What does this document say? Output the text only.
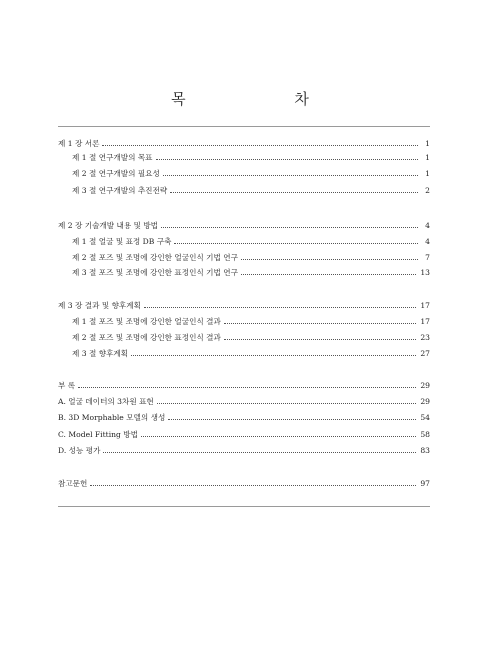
목 차
제 1 장 서론	1
제 1 절 연구개발의 목표	1
제 2 절 연구개발의 필요성	1
제 3 절 연구개발의 추진전략	2
제 2 장 기술개발 내용 및 방법	4
제 1 절 얼굴 및 표정 DB 구축	4
제 2 절 포즈 및 조명에 강인한 얼굴인식 기법 연구	7
제 3 절 포즈 및 조명에 강인한 표정인식 기법 연구	13
제 3 장 결과 및 향후계획	17
제 1 절 포즈 및 조명에 강인한 얼굴인식 결과	17
제 2 절 포즈 및 조명에 강인한 표정인식 결과	23
제 3 절 향후계획	27
부 록	29
A. 얼굴 데이터의 3차원 표현	29
B. 3D Morphable 모델의 생성	54
C. Model Fitting 방법	58
D. 성능 평가	83
참고문헌	97
